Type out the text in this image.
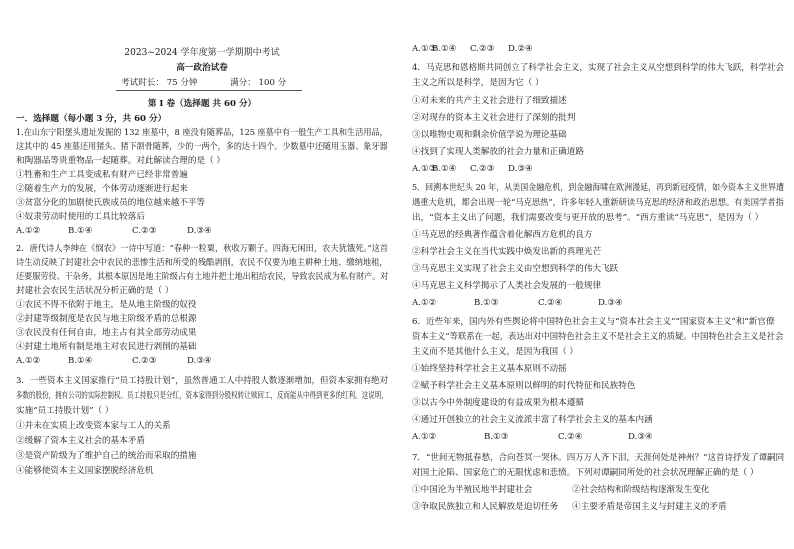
2023~2024 学年度第一学期期中考试
高一政治试卷
考试时长： 75 分钟	满分： 100 分
第 I 卷（选择题 共 60 分）
一．选择题（每小题 3 分，共 60 分）
1.在山东宁阳堡头遗址发掘的 132 座墓中，8 座没有随葬品，125 座墓中有一般生产工具和生活用品，
这其中的 45 座墓还用猪头、猪下颌骨随葬，少的一两个，多的达十四个。少数墓中还随用玉器、象牙器
和陶器品等贵重物品一起随葬。对此解读合理的是（ ）
①牲畜和生产工具变成私有财产已经非常普遍
②随着生产力的发展，个体劳动逐渐进行起来
③贫富分化的加剧使氏族成员的地位越来越不平等
④奴隶劳动时使用的工具比较落后
A.①②	B.①④	C.②③	D.③④
2．唐代诗人李绅在《悯农》一诗中写道：“春种一粒粟，秋收万颗子。四海无闲田，农夫犹饿死。”这首
诗生动反映了封建社会中农民的悲惨生活和所受的残酷剥削，农民不仅要为地主耕种土地、缴纳地租，
还要服劳役、干杂务，其根本原因是地主阶级占有土地并把土地出租给农民，导致农民成为私有财产。对
封建社会农民生活状况分析正确的是（ ）
①农民不得不依附于地主，是从地主阶级的奴役
②封建等级制度是农民与地主阶级矛盾的总根源
③农民没有任何自由，地主占有其全部劳动成果
④封建土地所有制是地主对农民进行剥削的基础
A.①②	B.①④	C.②③	D.③④
3．一些资本主义国家推行“员工持股计划”，虽然普通工人中持股人数逐渐增加，但资本家拥有绝对
多数的股份，拥有公司的实际控制权。员工持股只是分红，资本家得到分股权转让赎回工，反而能从中得到更多的红利。这说明，
实施“员工持股计划”（ ）
①并未在实质上改变资本家与工人的关系
②缓解了资本主义社会的基本矛盾
③是资产阶级为了维护自己的统治而采取的措施
④能够使资本主义国家摆脱经济危机
A.①③
B.①④ C.②③ D.②④
4．马克思和恩格斯共同创立了科学社会主义，实现了社会主义从空想到科学的伟大飞跃，科学社会
主义之所以是科学，是因为它（ ）
①对未来的共产主义社会进行了细致描述
②对现存的资本主义社会进行了深刻的批判
③以唯物史观和剩余价值学说为理论基础
④找到了实现人类解放的社会力量和正确道路
A.①③
B.①④ C.②③ D.③④
5．回溯本世纪头 20 年，从美国金融危机，到金融海啸在欧洲漫延，再到新冠疫情，如今资本主义世界遭
遇重大危机，都会出现一轮“马克思热”，许多年轻人重新研读马克思的经济和政治思想。有美国学者指
出，“资本主义出了问题，我们需要改变与更开放的思考”。“西方重读“马克思”，是因为（ ）
①马克思的经典著作蕴含着化解西方危机的良方
②科学社会主义在当代实践中焕发出新的真理光芒
③马克思主义实现了社会主义由空想到科学的伟大飞跃
④马克思主义科学揭示了人类社会发展的一般规律
A.①②	B.①③	C.②④	D.③④
6．近些年来，国内外有些舆论将中国特色社会主义与“资本社会主义”“国家资本主义”和“新官僚
资本主义”等联系在一起，表达出对中国特色社会主义不是社会主义的质疑。中国特色社会主义是社会
主义而不是其他什么主义，是因为我国（ ）
①始终坚持科学社会主义基本原则不动摇
②赋予科学社会主义基本原则以鲜明的时代特征和民族特色
③以古今中外制度建设的有益成果为根本遵循
④通过开创独立的社会主义流派丰富了科学社会主义的基本内涵
A.①②	B.①③	C.②④	D.③④
7．“世间无物抵春愁，合向苍冥一哭休。四万万人齐下泪，天涯何处是神州？”这首诗抒发了谭嗣同
对国土沦陷、国家危亡的无限忧虑和悲愤。下列对谭嗣同所处的社会状况理解正确的是（ ）
①中国沦为半殖民地半封建社会	②社会结构和阶级结构逐渐发生变化
③争取民族独立和人民解放是迫切任务 ④主要矛盾是帝国主义与封建主义的矛盾
